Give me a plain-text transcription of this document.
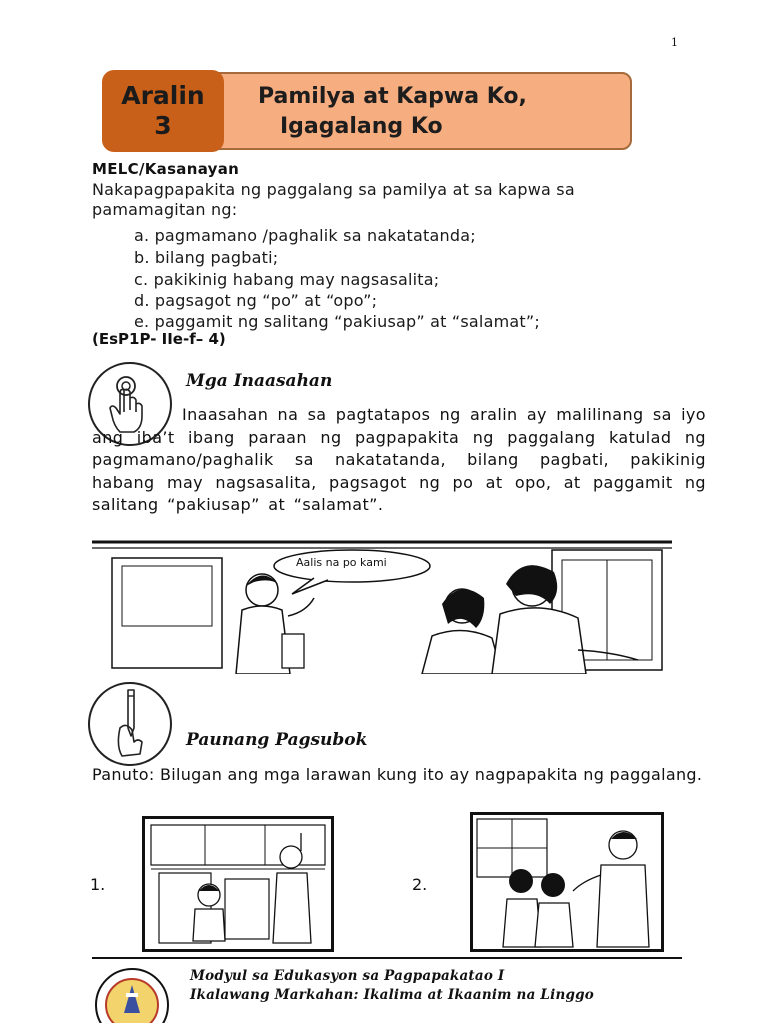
1
Aralin
3
Pamilya at Kapwa Ko,
Igagalang Ko
MELC/Kasanayan
Nakapagpapakita ng paggalang sa pamilya at sa kapwa sa
pamamagitan ng:
a. pagmamano /paghalik sa nakatatanda;
b. bilang pagbati;
c. pakikinig habang may nagsasalita;
d. pagsagot ng “po” at “opo”;
e. paggamit ng salitang “pakiusap” at “salamat”;
(EsP1P- IIe-f– 4)
Mga Inaasahan
Inaasahan na sa pagtatapos ng aralin ay malilinang sa iyo ang iba’t ibang paraan ng pagpapakita ng paggalang katulad ng pagmamano/paghalik sa nakatatanda, bilang pagbati, pakikinig habang may nagsasalita, pagsagot ng po at opo, at paggamit ng salitang “pakiusap” at “salamat”.
Aalis na po kami
Paunang Pagsubok
Panuto: Bilugan ang mga larawan kung ito ay nagpapakita ng paggalang.
1.	2.
Modyul sa Edukasyon sa Pagpapakatao I
Ikalawang Markahan: Ikalima at Ikaanim na Linggo
